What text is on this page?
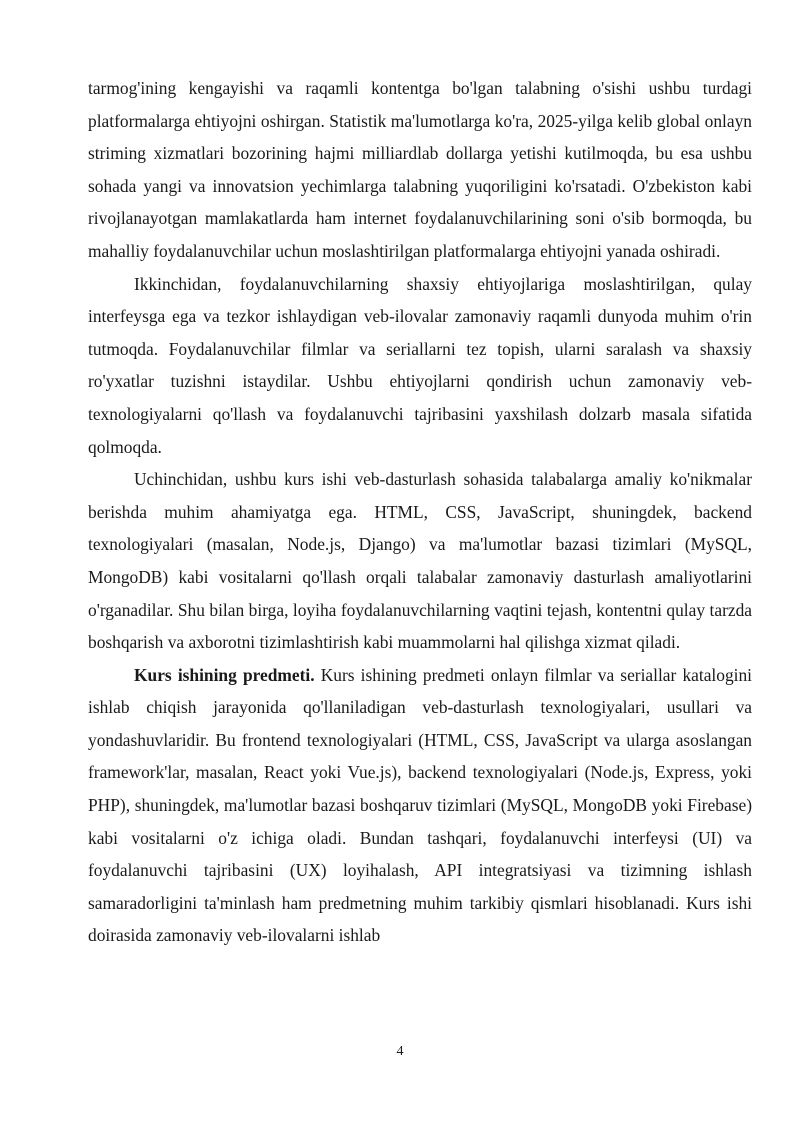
tarmog'ining kengayishi va raqamli kontentga bo'lgan talabning o'sishi ushbu turdagi platformalarga ehtiyojni oshirgan. Statistik ma'lumotlarga ko'ra, 2025-yilga kelib global onlayn striming xizmatlari bozorining hajmi milliardlab dollarga yetishi kutilmoqda, bu esa ushbu sohada yangi va innovatsion yechimlarga talabning yuqoriligini ko'rsatadi. O'zbekiston kabi rivojlanayotgan mamlakatlarda ham internet foydalanuvchilarining soni o'sib bormoqda, bu mahalliy foydalanuvchilar uchun moslashtirilgan platformalarga ehtiyojni yanada oshiradi.

Ikkinchidan, foydalanuvchilarning shaxsiy ehtiyojlariga moslashtirilgan, qulay interfeysga ega va tezkor ishlaydigan veb-ilovalar zamonaviy raqamli dunyoda muhim o'rin tutmoqda. Foydalanuvchilar filmlar va seriallarni tez topish, ularni saralash va shaxsiy ro'yxatlar tuzishni istaydilar. Ushbu ehtiyojlarni qondirish uchun zamonaviy veb-texnologiyalarni qo'llash va foydalanuvchi tajribasini yaxshilash dolzarb masala sifatida qolmoqda.

Uchinchidan, ushbu kurs ishi veb-dasturlash sohasida talabalarga amaliy ko'nikmalar berishda muhim ahamiyatga ega. HTML, CSS, JavaScript, shuningdek, backend texnologiyalari (masalan, Node.js, Django) va ma'lumotlar bazasi tizimlari (MySQL, MongoDB) kabi vositalarni qo'llash orqali talabalar zamonaviy dasturlash amaliyotlarini o'rganadilar. Shu bilan birga, loyiha foydalanuvchilarning vaqtini tejash, kontentni qulay tarzda boshqarish va axborotni tizimlashtirish kabi muammolarni hal qilishga xizmat qiladi.

Kurs ishining predmeti. Kurs ishining predmeti onlayn filmlar va seriallar katalogini ishlab chiqish jarayonida qo'llaniladigan veb-dasturlash texnologiyalari, usullari va yondashuvlaridir. Bu frontend texnologiyalari (HTML, CSS, JavaScript va ularga asoslangan framework'lar, masalan, React yoki Vue.js), backend texnologiyalari (Node.js, Express, yoki PHP), shuningdek, ma'lumotlar bazasi boshqaruv tizimlari (MySQL, MongoDB yoki Firebase) kabi vositalarni o'z ichiga oladi. Bundan tashqari, foydalanuvchi interfeysi (UI) va foydalanuvchi tajribasini (UX) loyihalash, API integratsiyasi va tizimning ishlash samaradorligini ta'minlash ham predmetning muhim tarkibiy qismlari hisoblanadi. Kurs ishi doirasida zamonaviy veb-ilovalarni ishlab

4
